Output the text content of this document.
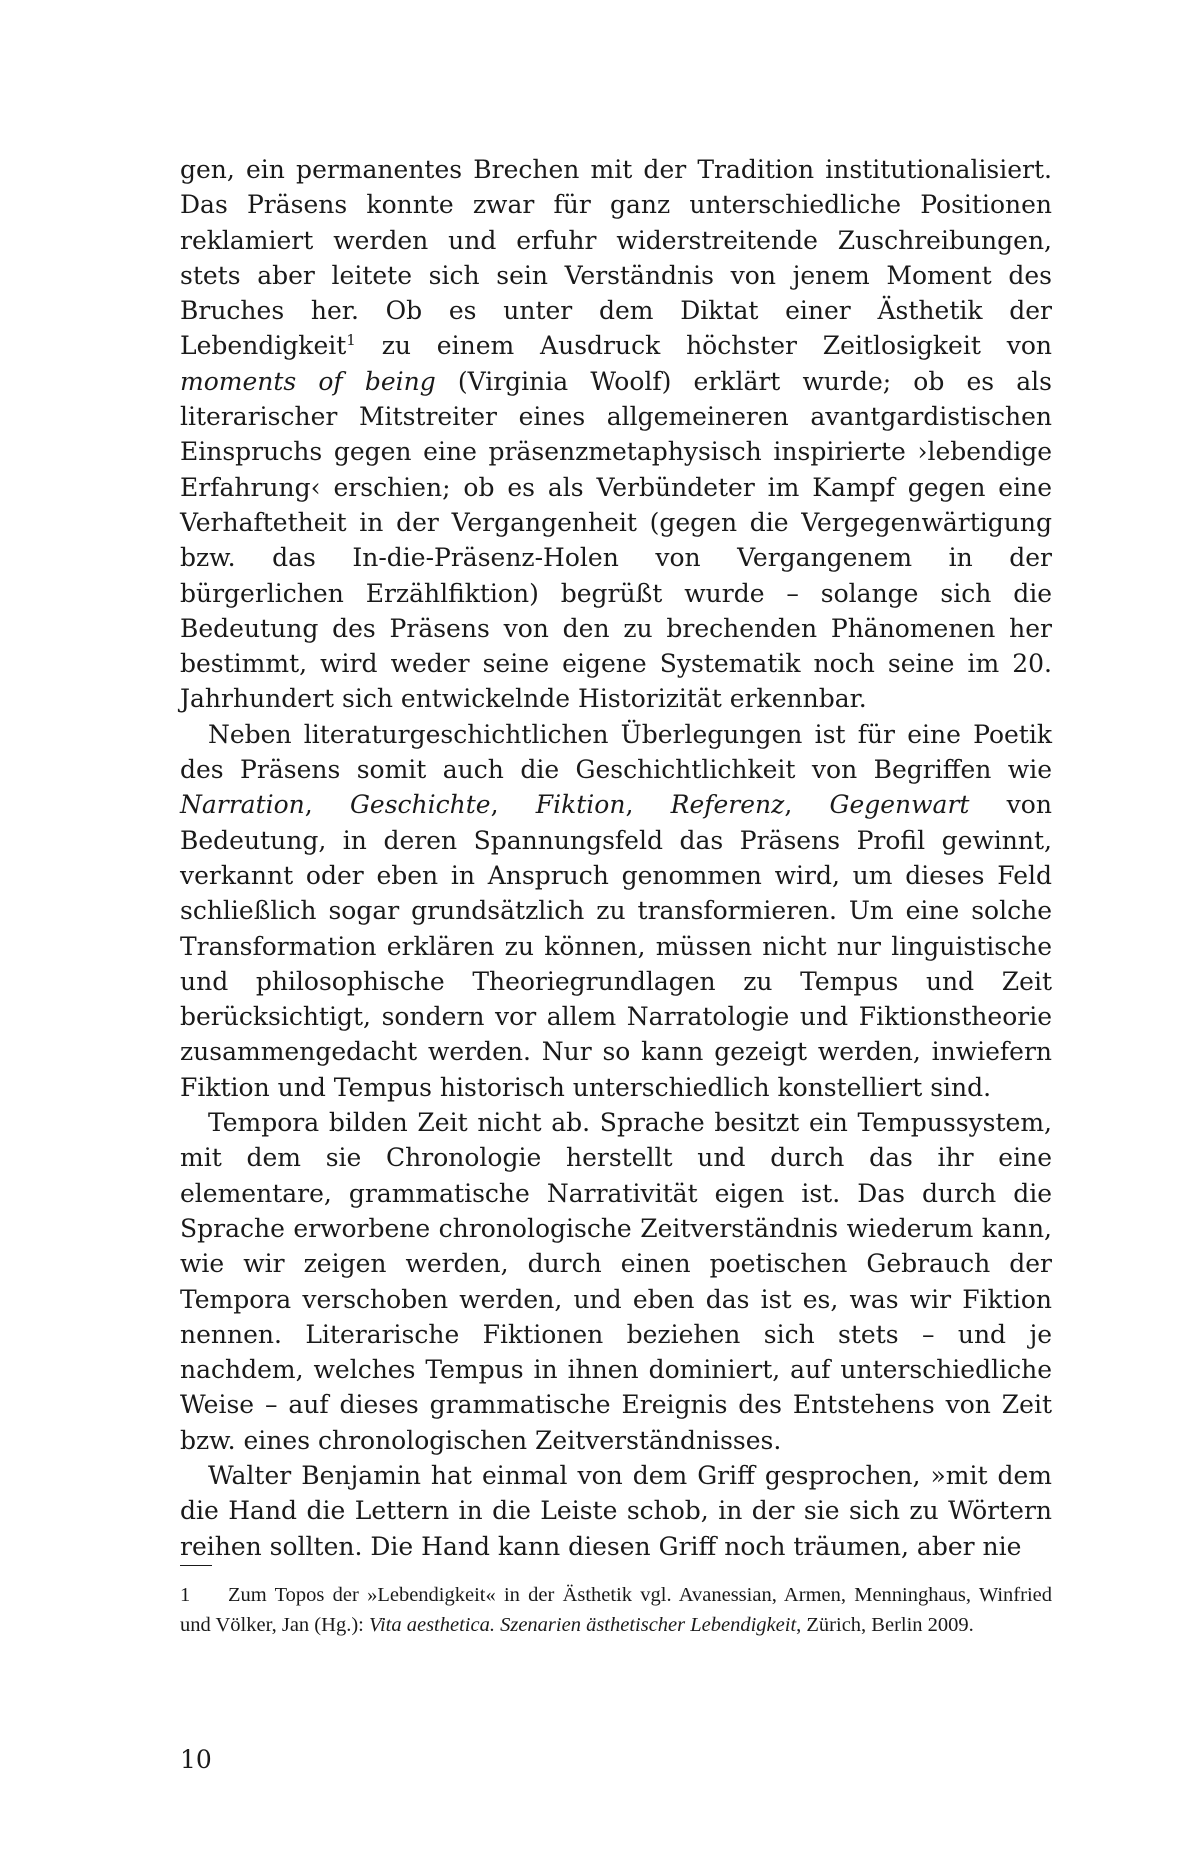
gen, ein permanentes Brechen mit der Tradition institutionalisiert. Das Präsens konnte zwar für ganz unterschiedliche Positionen reklamiert werden und erfuhr widerstreitende Zuschreibungen, stets aber leitete sich sein Verständnis von jenem Moment des Bruches her. Ob es unter dem Diktat einer Ästhetik der Lebendigkeit$^1$ zu einem Ausdruck höchster Zeitlosigkeit von moments of being (Virginia Woolf) erklärt wurde; ob es als literarischer Mitstreiter eines allgemeineren avantgardistischen Einspruchs gegen eine präsenzmetaphysisch inspirierte ›lebendige Erfahrung‹ erschien; ob es als Verbündeter im Kampf gegen eine Verhaftetheit in der Vergangenheit (gegen die Vergegenwärtigung bzw. das In-die-Präsenz-Holen von Vergangenem in der bürgerlichen Erzählfiktion) begrüßt wurde – solange sich die Bedeutung des Präsens von den zu brechenden Phänomenen her bestimmt, wird weder seine eigene Systematik noch seine im 20. Jahrhundert sich entwickelnde Historizität erkennbar.

Neben literaturgeschichtlichen Überlegungen ist für eine Poetik des Präsens somit auch die Geschichtlichkeit von Begriffen wie Narration, Geschichte, Fiktion, Referenz, Gegenwart von Bedeutung, in deren Spannungsfeld das Präsens Profil gewinnt, verkannt oder eben in Anspruch genommen wird, um dieses Feld schließlich sogar grundsätzlich zu transformieren. Um eine solche Transformation erklären zu können, müssen nicht nur linguistische und philosophische Theoriegrundlagen zu Tempus und Zeit berücksichtigt, sondern vor allem Narratologie und Fiktionstheorie zusammengedacht werden. Nur so kann gezeigt werden, inwiefern Fiktion und Tempus historisch unterschiedlich konstelliert sind.

Tempora bilden Zeit nicht ab. Sprache besitzt ein Tempussystem, mit dem sie Chronologie herstellt und durch das ihr eine elementare, grammatische Narrativität eigen ist. Das durch die Sprache erworbene chronologische Zeitverständnis wiederum kann, wie wir zeigen werden, durch einen poetischen Gebrauch der Tempora verschoben werden, und eben das ist es, was wir Fiktion nennen. Literarische Fiktionen beziehen sich stets – und je nachdem, welches Tempus in ihnen dominiert, auf unterschiedliche Weise – auf dieses grammatische Ereignis des Entstehens von Zeit bzw. eines chronologischen Zeitverständnisses.

Walter Benjamin hat einmal von dem Griff gesprochen, »mit dem die Hand die Lettern in die Leiste schob, in der sie sich zu Wörtern reihen sollten. Die Hand kann diesen Griff noch träumen, aber nie

1 Zum Topos der »Lebendigkeit« in der Ästhetik vgl. Avanessian, Armen, Menninghaus, Winfried und Völker, Jan (Hg.): Vita aesthetica. Szenarien ästhetischer Lebendigkeit, Zürich, Berlin 2009.
10
